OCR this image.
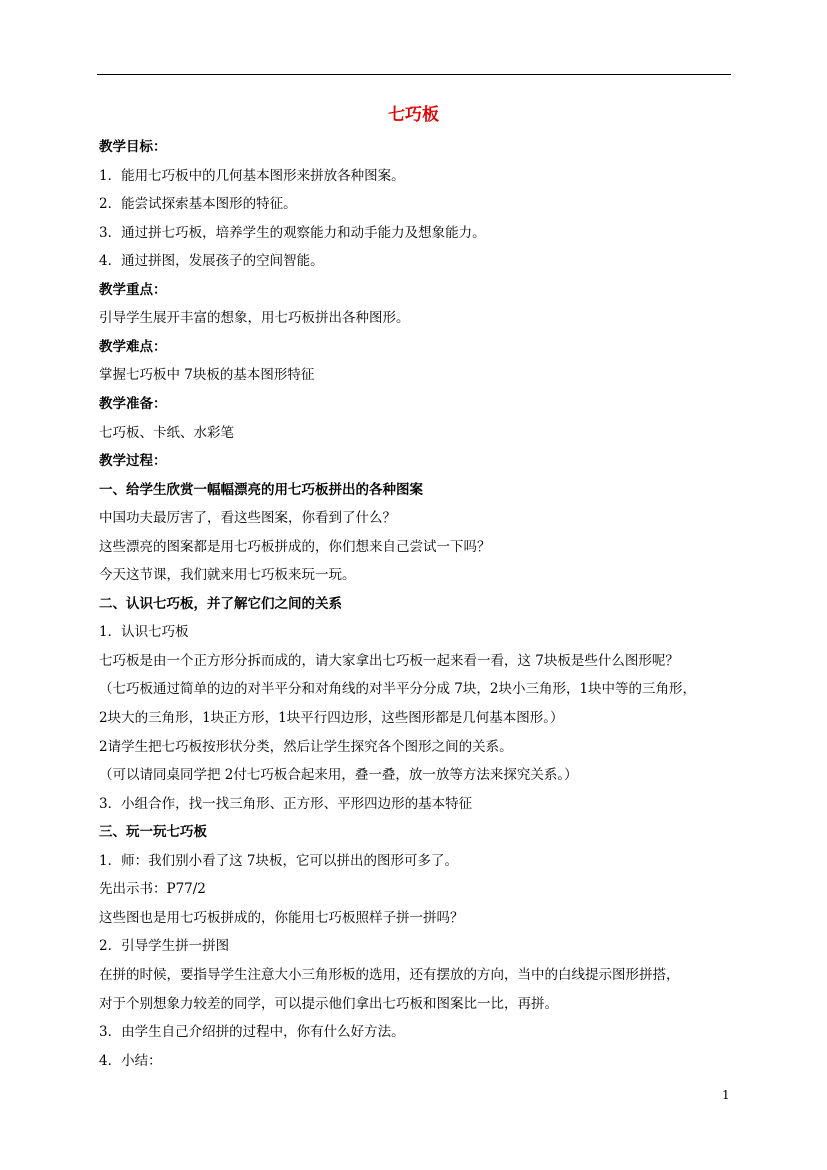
七巧板
教学目标：
1．能用七巧板中的几何基本图形来拼放各种图案。
2．能尝试探索基本图形的特征。
3．通过拼七巧板，培养学生的观察能力和动手能力及想象能力。
4．通过拼图，发展孩子的空间智能。
教学重点：
引导学生展开丰富的想象，用七巧板拼出各种图形。
教学难点：
掌握七巧板中 7块板的基本图形特征
教学准备：
七巧板、卡纸、水彩笔
教学过程：
一、给学生欣赏一幅幅漂亮的用七巧板拼出的各种图案
中国功夫最厉害了，看这些图案，你看到了什么？
这些漂亮的图案都是用七巧板拼成的，你们想来自己尝试一下吗？
今天这节课，我们就来用七巧板来玩一玩。
二、认识七巧板，并了解它们之间的关系
1．认识七巧板
七巧板是由一个正方形分拆而成的，请大家拿出七巧板一起来看一看，这 7块板是些什么图形呢？
（七巧板通过简单的边的对半平分和对角线的对半平分分成 7块，2块小三角形，1块中等的三角形，
2块大的三角形，1块正方形，1块平行四边形，这些图形都是几何基本图形。）
2请学生把七巧板按形状分类，然后让学生探究各个图形之间的关系。
（可以请同桌同学把 2付七巧板合起来用，叠一叠，放一放等方法来探究关系。）
3．小组合作，找一找三角形、正方形、平形四边形的基本特征
三、玩一玩七巧板
1．师：我们别小看了这 7块板，它可以拼出的图形可多了。
先出示书：P77/2
这些图也是用七巧板拼成的，你能用七巧板照样子拼一拼吗？
2．引导学生拼一拼图
在拼的时候，要指导学生注意大小三角形板的选用，还有摆放的方向，当中的白线提示图形拼搭，
对于个别想象力较差的同学，可以提示他们拿出七巧板和图案比一比，再拼。
3．由学生自己介绍拼的过程中，你有什么好方法。
4．小结：
1
